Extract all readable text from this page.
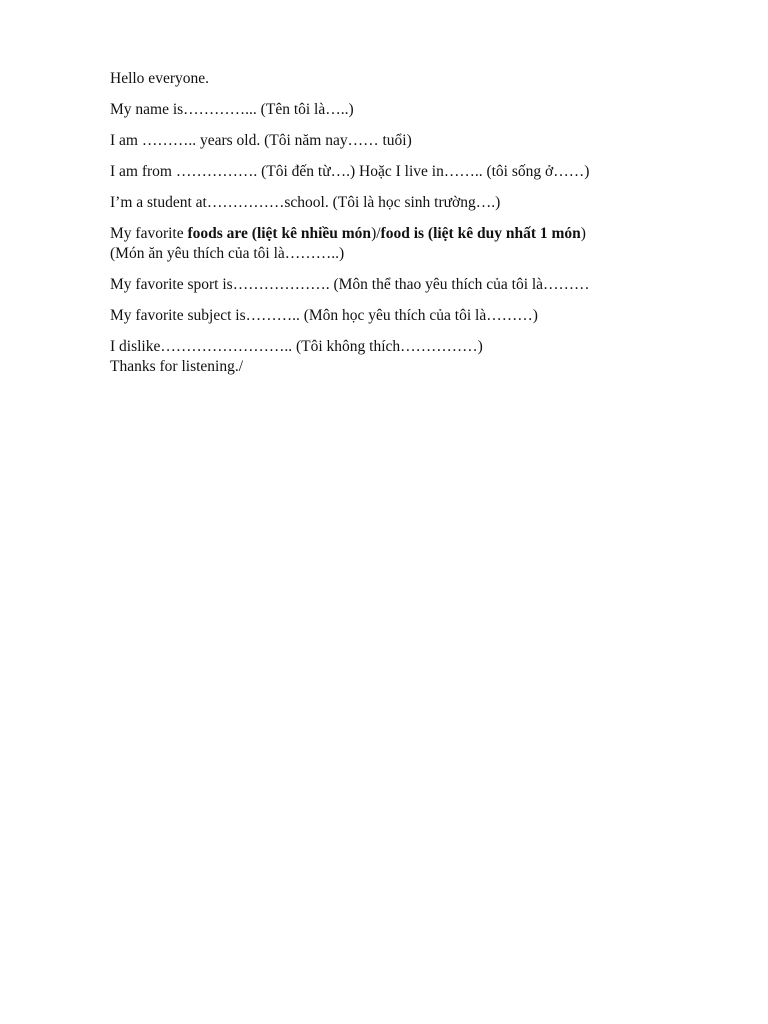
Hello everyone.

My name is…………... (Tên tôi là…..)

I am ……….. years old. (Tôi năm nay…… tuổi)

I am from ……………. (Tôi đến từ….) Hoặc I live in…….. (tôi sống ở……)

I’m a student at……………school. (Tôi là học sinh trường….)

My favorite foods are (liệt kê nhiều món)/food is (liệt kê duy nhất 1 món)
(Món ăn yêu thích của tôi là………..)

My favorite sport is………………. (Môn thể thao yêu thích của tôi là………

My favorite subject is……….. (Môn học yêu thích của tôi là………)

I dislike…………………….. (Tôi không thích……………)

Thanks for listening./
